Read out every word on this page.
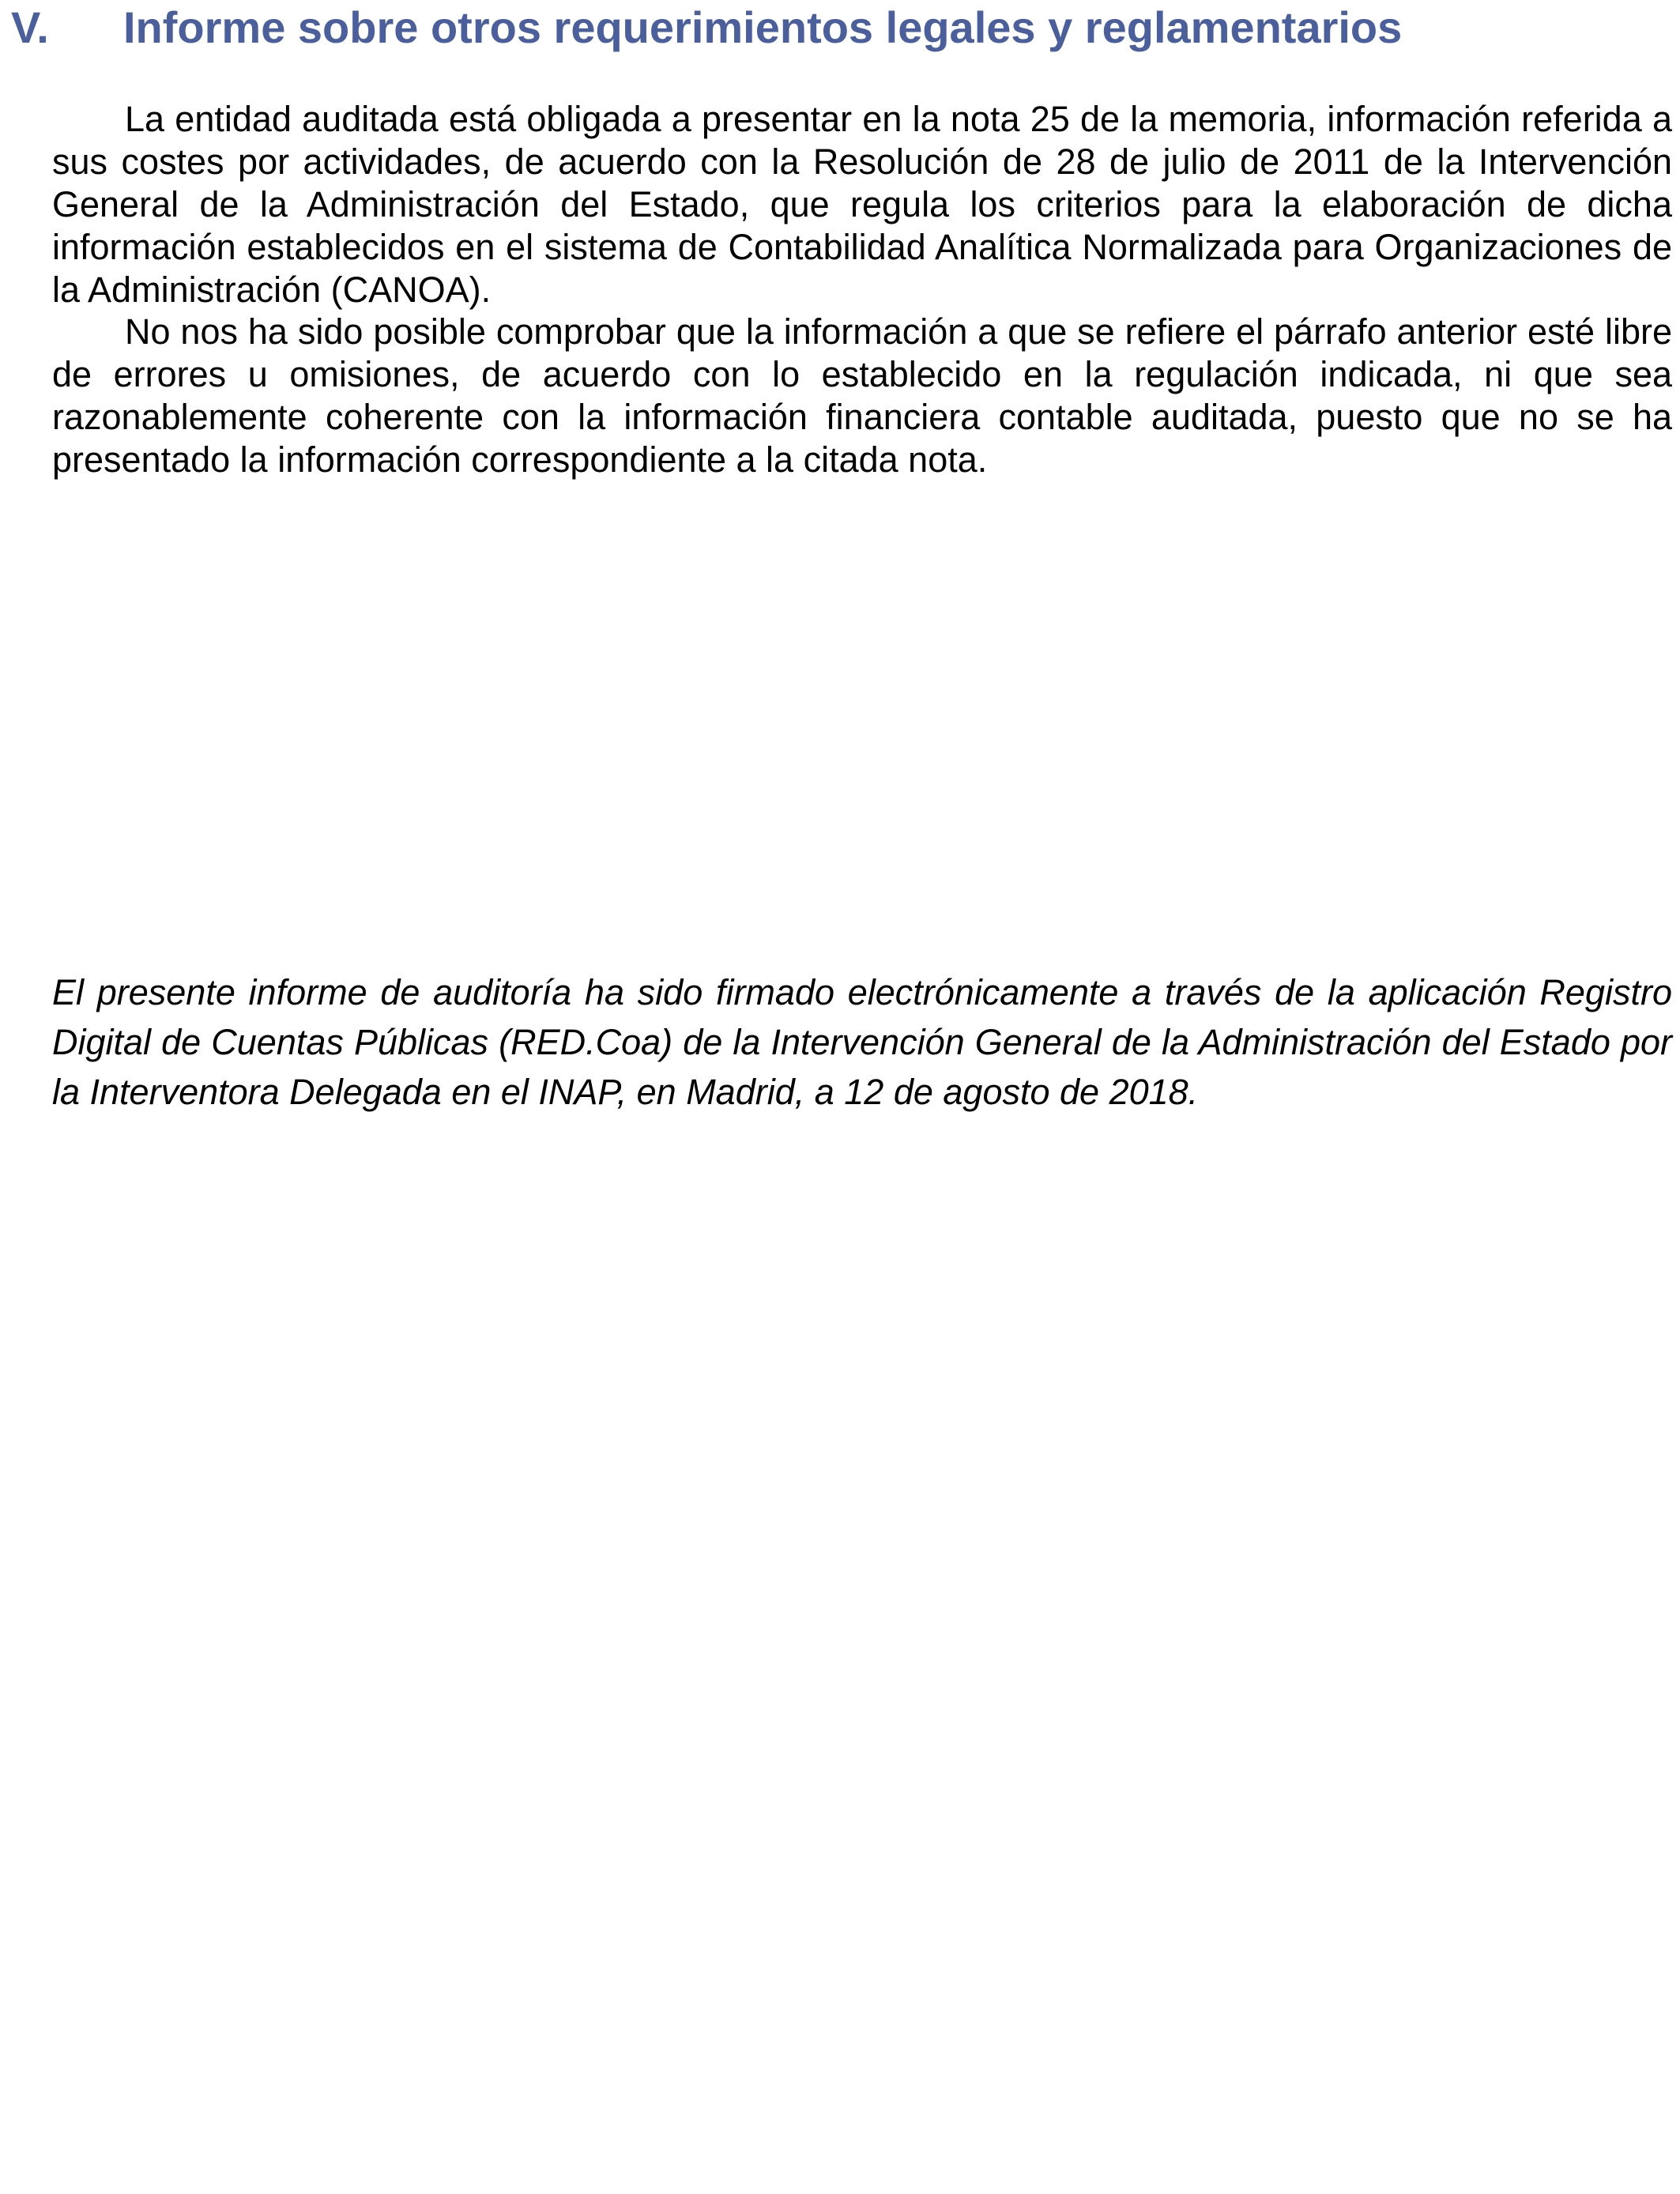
V. Informe sobre otros requerimientos legales y reglamentarios

La entidad auditada está obligada a presentar en la nota 25 de la memoria, información referida a sus costes por actividades, de acuerdo con la Resolución de 28 de julio de 2011 de la Intervención General de la Administración del Estado, que regula los criterios para la elaboración de dicha información establecidos en el sistema de Contabilidad Analítica Normalizada para Organizaciones de la Administración (CANOA).

No nos ha sido posible comprobar que la información a que se refiere el párrafo anterior esté libre de errores u omisiones, de acuerdo con lo establecido en la regulación indicada, ni que sea razonablemente coherente con la información financiera contable auditada, puesto que no se ha presentado la información correspondiente a la citada nota.

El presente informe de auditoría ha sido firmado electrónicamente a través de la aplicación Registro Digital de Cuentas Públicas (RED.Coa) de la Intervención General de la Administración del Estado por la Interventora Delegada en el INAP, en Madrid, a 12 de agosto de 2018.
